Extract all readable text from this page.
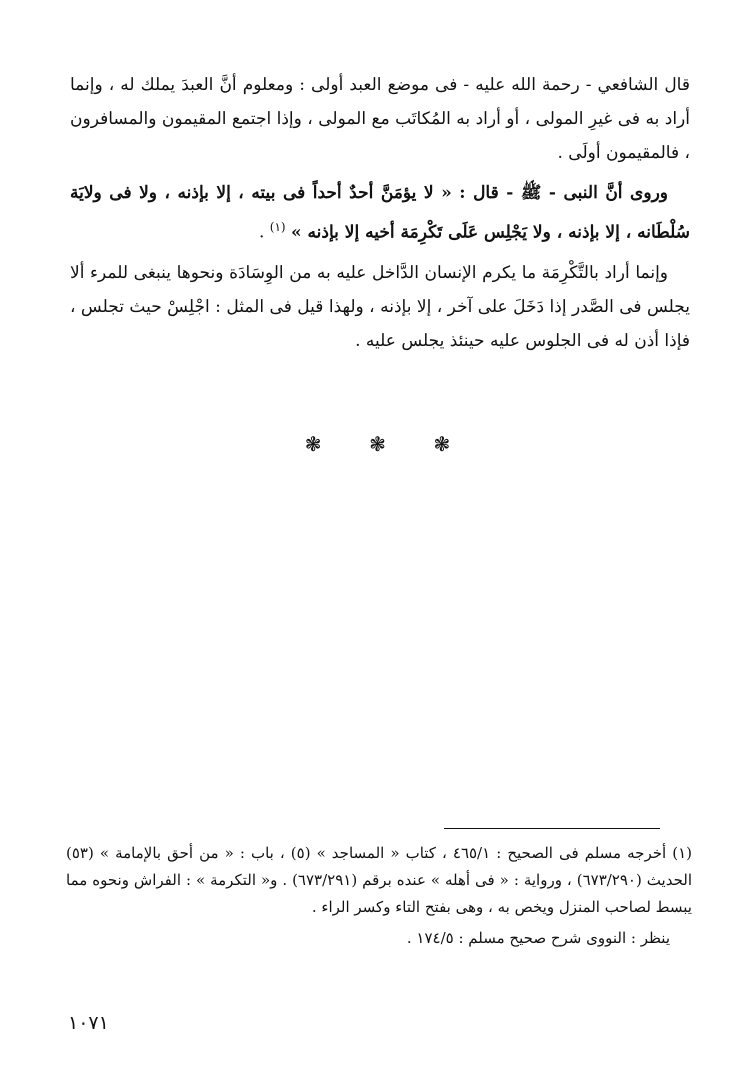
قال الشافعي - رحمة الله عليه - فى موضع العبد أولى : ومعلوم أنَّ العبدَ يملك له ، وإنما أراد به فى غيرِ المولى ، أو أراد به المُكاتَب مع المولى ، وإذا اجتمع المقيمون والمسافرون ، فالمقيمون أولَى .

وروى أنَّ النبى - ﷺ - قال : « لا يؤمَنَّ أحدٌ أحداً فى بيته ، إلا بإذنه ، ولا فى ولايَة سُلْطَانه ، إلا بإذنه ، ولا يَجْلِس عَلَى تَكْرِمَة أخيه إلا بإذنه » $^{(١)}$ .

وإنما أراد بالتَّكْرِمَة ما يكرم الإنسان الدَّاخل عليه به من الوِسَادَة ونحوها ينبغى للمرء ألا يجلس فى الصَّدر إذا دَخَلَ على آخر ، إلا بإذنه ، ولهذا قيل فى المثل : اجْلِسْ حيث تجلس ، فإذا أذن له فى الجلوس عليه حينئذ يجلس عليه .

❃ ❃ ❃

(١) أخرجه مسلم فى الصحيح : ٤٦٥/١ ، كتاب « المساجد » (٥) ، باب : « من أحق بالإمامة » (٥٣) الحديث (٦٧٣/٢٩٠) ، ورواية : « فى أهله » عنده برقم (٦٧٣/٢٩١) . و« التكرمة » : الفراش ونحوه مما يبسط لصاحب المنزل ويخص به ، وهى بفتح التاء وكسر الراء .

ينظر : النووى شرح صحيح مسلم : ١٧٤/٥ .

١٠٧١
